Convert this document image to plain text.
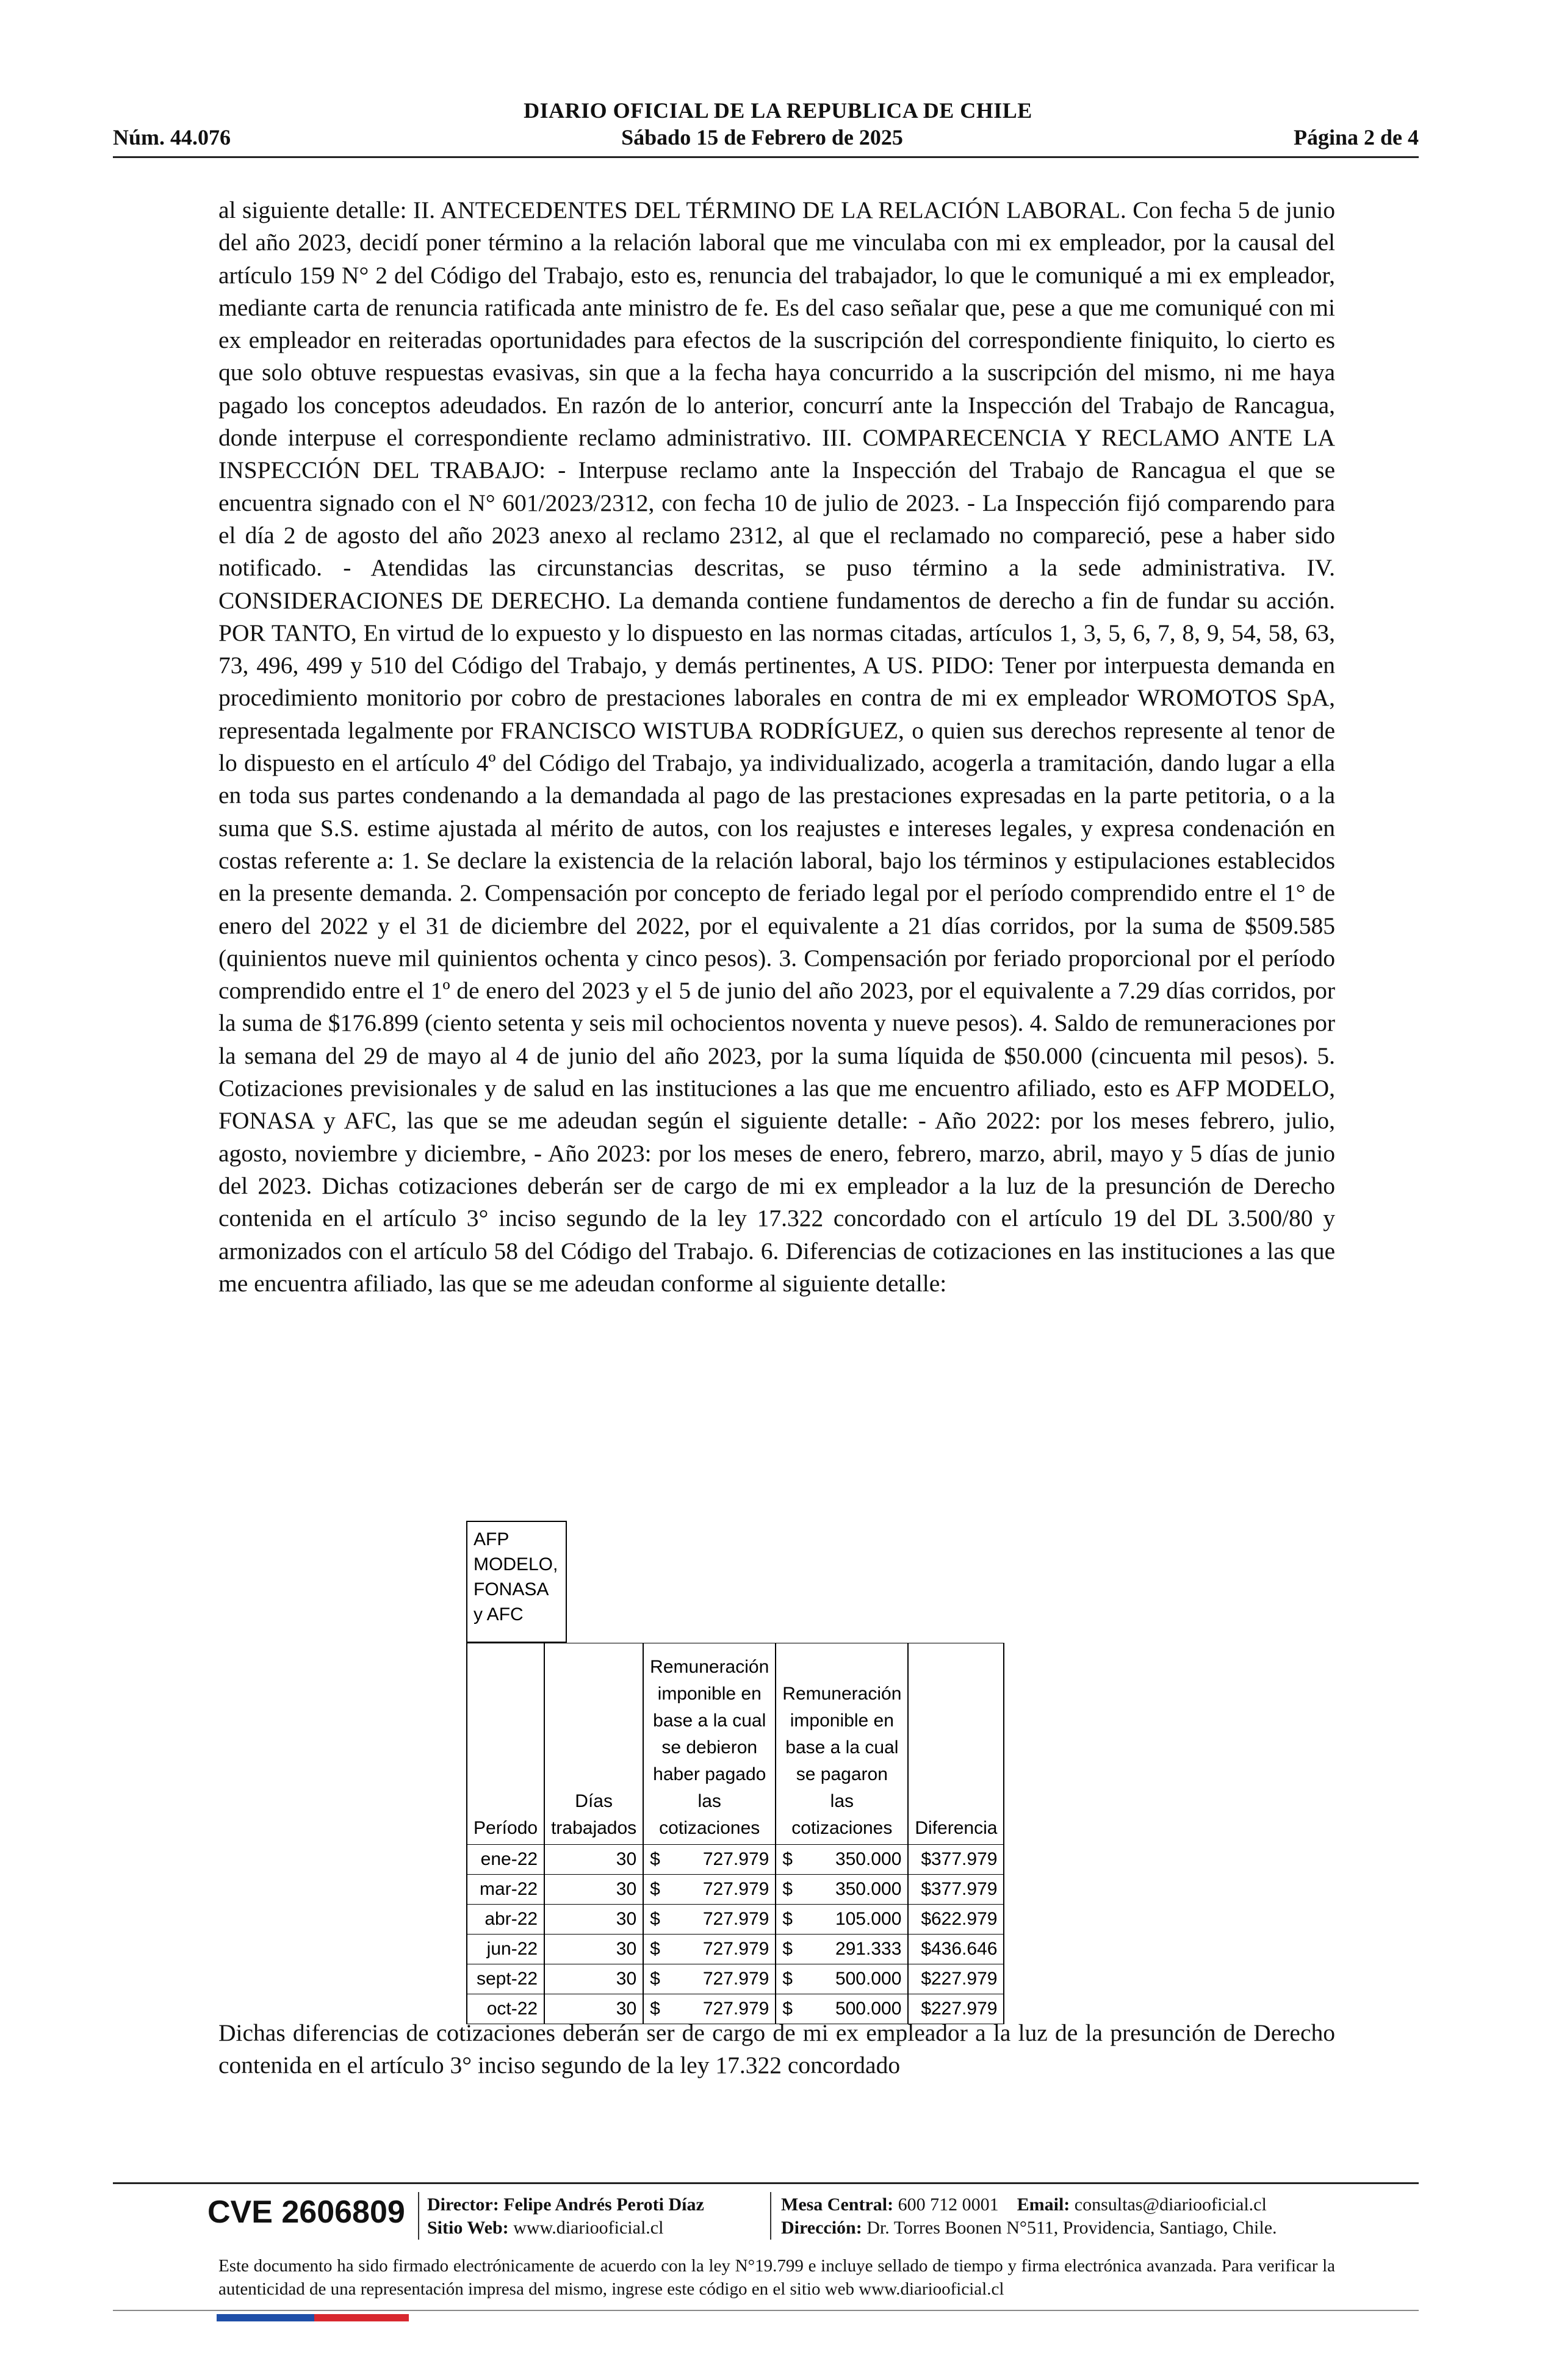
DIARIO OFICIAL DE LA REPUBLICA DE CHILE
Núm. 44.076	Sábado 15 de Febrero de 2025	Página 2 de 4

al siguiente detalle: II. ANTECEDENTES DEL TÉRMINO DE LA RELACIÓN LABORAL. Con fecha 5 de junio del año 2023, decidí poner término a la relación laboral que me vinculaba con mi ex empleador, por la causal del artículo 159 N° 2 del Código del Trabajo, esto es, renuncia del trabajador, lo que le comuniqué a mi ex empleador, mediante carta de renuncia ratificada ante ministro de fe. Es del caso señalar que, pese a que me comuniqué con mi ex empleador en reiteradas oportunidades para efectos de la suscripción del correspondiente finiquito, lo cierto es que solo obtuve respuestas evasivas, sin que a la fecha haya concurrido a la suscripción del mismo, ni me haya pagado los conceptos adeudados. En razón de lo anterior, concurrí ante la Inspección del Trabajo de Rancagua, donde interpuse el correspondiente reclamo administrativo. III. COMPARECENCIA Y RECLAMO ANTE LA INSPECCIÓN DEL TRABAJO: - Interpuse reclamo ante la Inspección del Trabajo de Rancagua el que se encuentra signado con el N° 601/2023/2312, con fecha 10 de julio de 2023. - La Inspección fijó comparendo para el día 2 de agosto del año 2023 anexo al reclamo 2312, al que el reclamado no compareció, pese a haber sido notificado. - Atendidas las circunstancias descritas, se puso término a la sede administrativa. IV. CONSIDERACIONES DE DERECHO. La demanda contiene fundamentos de derecho a fin de fundar su acción. POR TANTO, En virtud de lo expuesto y lo dispuesto en las normas citadas, artículos 1, 3, 5, 6, 7, 8, 9, 54, 58, 63, 73, 496, 499 y 510 del Código del Trabajo, y demás pertinentes, A US. PIDO: Tener por interpuesta demanda en procedimiento monitorio por cobro de prestaciones laborales en contra de mi ex empleador WROMOTOS SpA, representada legalmente por FRANCISCO WISTUBA RODRÍGUEZ, o quien sus derechos represente al tenor de lo dispuesto en el artículo 4º del Código del Trabajo, ya individualizado, acogerla a tramitación, dando lugar a ella en toda sus partes condenando a la demandada al pago de las prestaciones expresadas en la parte petitoria, o a la suma que S.S. estime ajustada al mérito de autos, con los reajustes e intereses legales, y expresa condenación en costas referente a: 1. Se declare la existencia de la relación laboral, bajo los términos y estipulaciones establecidos en la presente demanda. 2. Compensación por concepto de feriado legal por el período comprendido entre el 1° de enero del 2022 y el 31 de diciembre del 2022, por el equivalente a 21 días corridos, por la suma de $509.585 (quinientos nueve mil quinientos ochenta y cinco pesos). 3. Compensación por feriado proporcional por el período comprendido entre el 1º de enero del 2023 y el 5 de junio del año 2023, por el equivalente a 7.29 días corridos, por la suma de $176.899 (ciento setenta y seis mil ochocientos noventa y nueve pesos). 4. Saldo de remuneraciones por la semana del 29 de mayo al 4 de junio del año 2023, por la suma líquida de $50.000 (cincuenta mil pesos). 5. Cotizaciones previsionales y de salud en las instituciones a las que me encuentro afiliado, esto es AFP MODELO, FONASA y AFC, las que se me adeudan según el siguiente detalle: - Año 2022: por los meses febrero, julio, agosto, noviembre y diciembre, - Año 2023: por los meses de enero, febrero, marzo, abril, mayo y 5 días de junio del 2023. Dichas cotizaciones deberán ser de cargo de mi ex empleador a la luz de la presunción de Derecho contenida en el artículo 3° inciso segundo de la ley 17.322 concordado con el artículo 19 del DL 3.500/80 y armonizados con el artículo 58 del Código del Trabajo. 6. Diferencias de cotizaciones en las instituciones a las que me encuentra afiliado, las que se me adeudan conforme al siguiente detalle:

AFP MODELO, FONASA y AFC
Período	Días trabajados	Remuneración imponible en base a la cual se debieron haber pagado las cotizaciones	Remuneración imponible en base a la cual se pagaron las cotizaciones	Diferencia
ene-22	30	$ 727.979	$ 350.000	$377.979
mar-22	30	$ 727.979	$ 350.000	$377.979
abr-22	30	$ 727.979	$ 105.000	$622.979
jun-22	30	$ 727.979	$ 291.333	$436.646
sept-22	30	$ 727.979	$ 500.000	$227.979
oct-22	30	$ 727.979	$ 500.000	$227.979

Dichas diferencias de cotizaciones deberán ser de cargo de mi ex empleador a la luz de la presunción de Derecho contenida en el artículo 3° inciso segundo de la ley 17.322 concordado

CVE 2606809 Director: Felipe Andrés Peroti Díaz
Sitio Web: www.diariooficial.cl
Mesa Central: 600 712 0001 Email: consultas@diariooficial.cl
Dirección: Dr. Torres Boonen N°511, Providencia, Santiago, Chile.
Este documento ha sido firmado electrónicamente de acuerdo con la ley N°19.799 e incluye sellado de tiempo y firma electrónica avanzada. Para verificar la autenticidad de una representación impresa del mismo, ingrese este código en el sitio web www.diariooficial.cl
